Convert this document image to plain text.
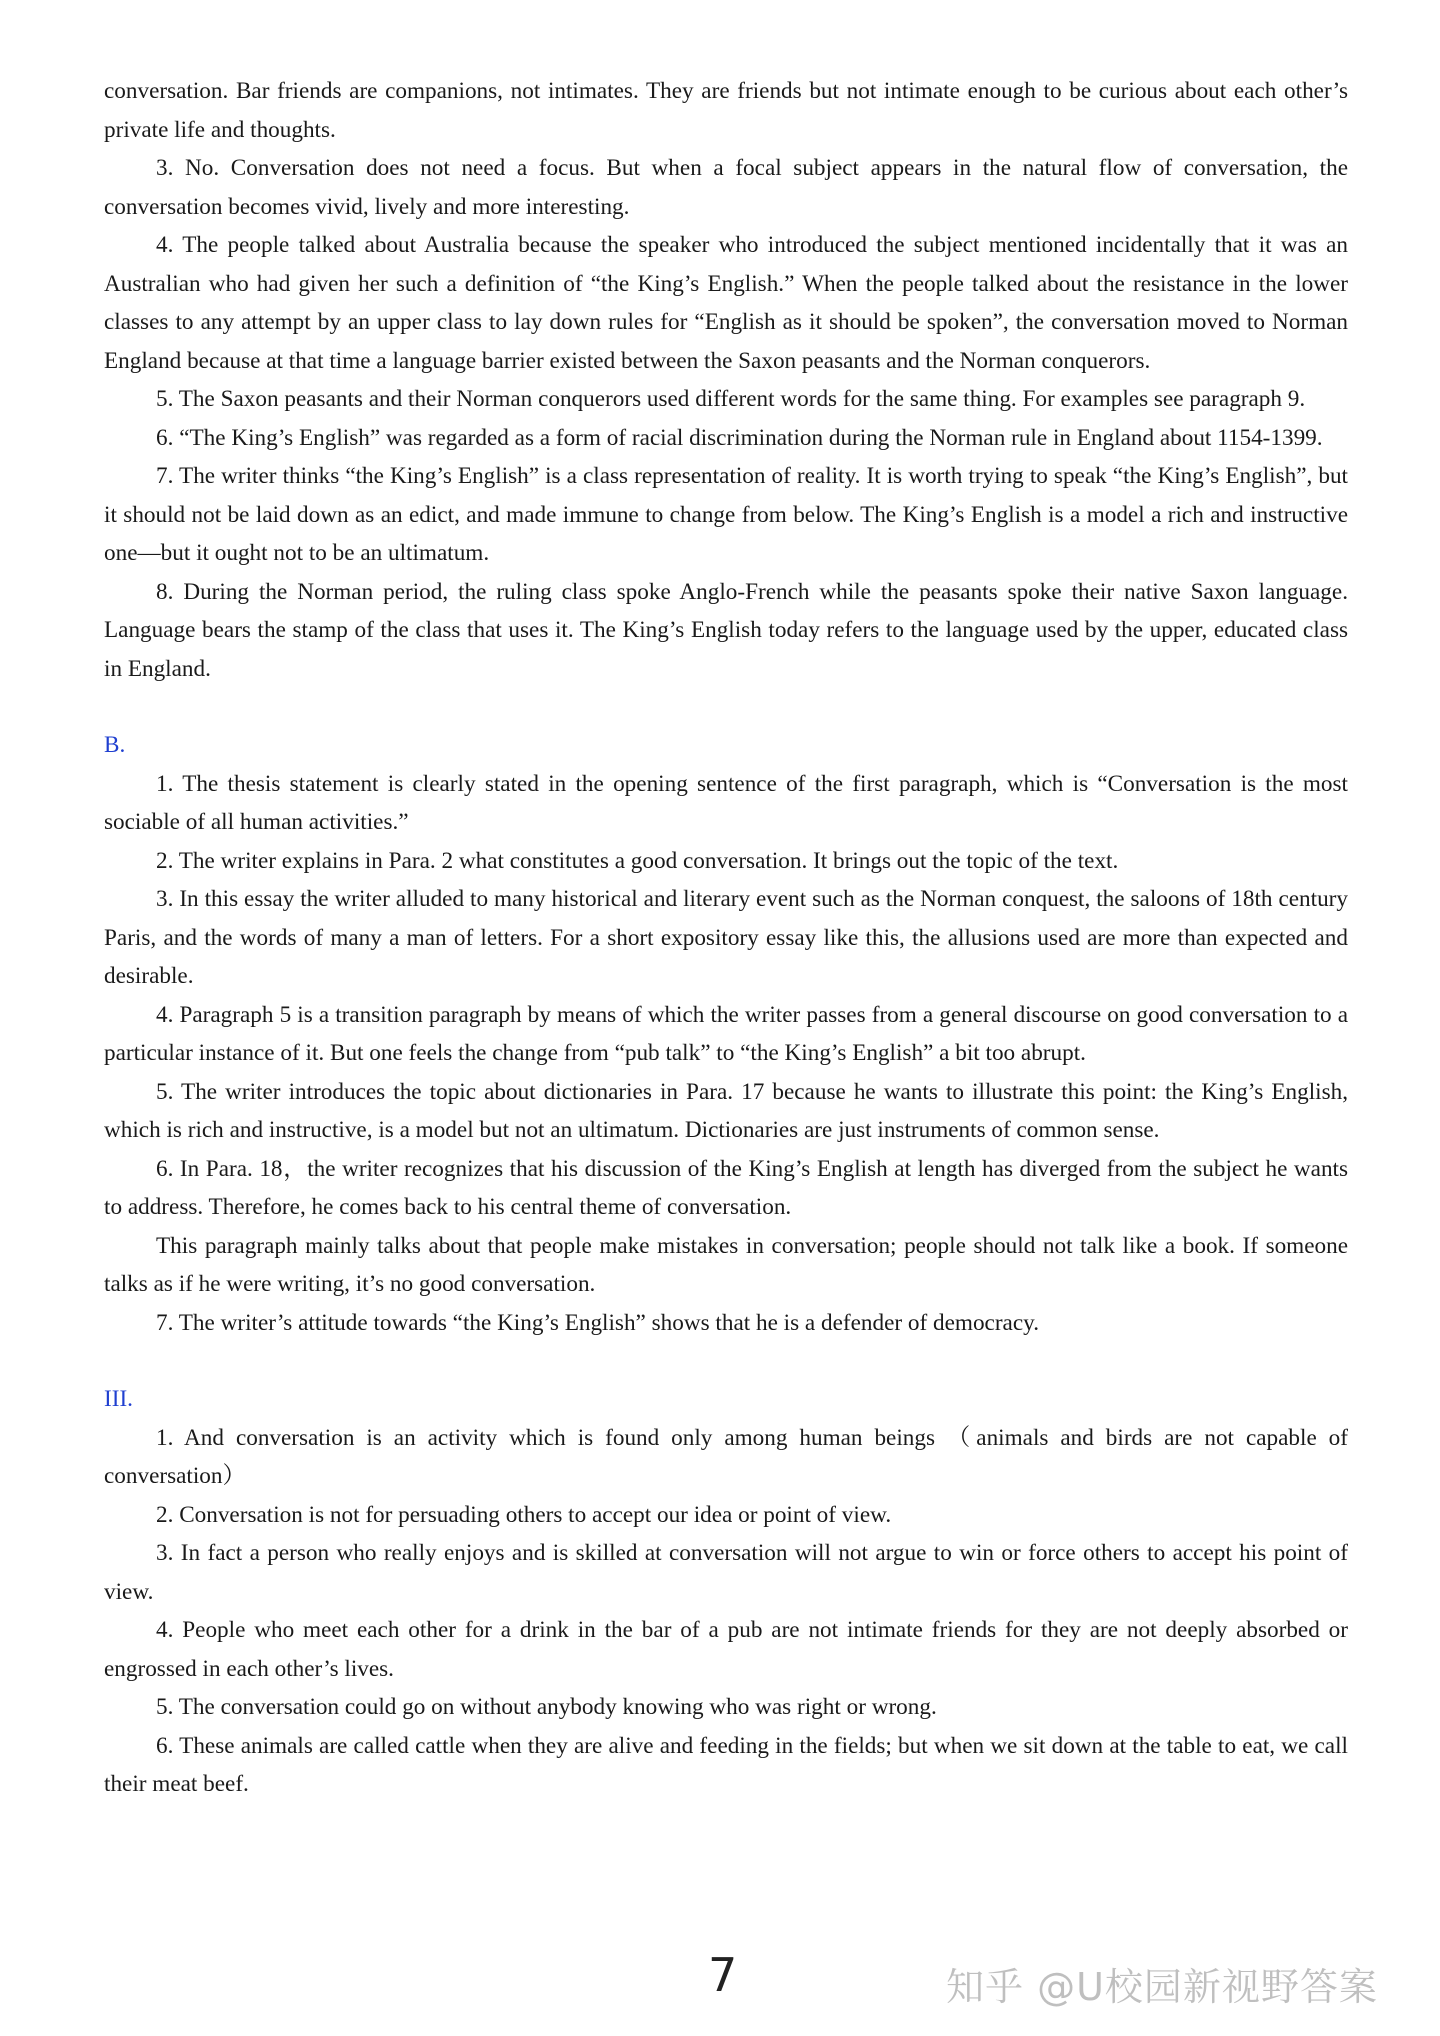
conversation. Bar friends are companions, not intimates. They are friends but not intimate enough to be curious about each other’s private life and thoughts.

3. No. Conversation does not need a focus. But when a focal subject appears in the natural flow of conversation, the conversation becomes vivid, lively and more interesting.

4. The people talked about Australia because the speaker who introduced the subject mentioned incidentally that it was an Australian who had given her such a definition of “the King’s English.” When the people talked about the resistance in the lower classes to any attempt by an upper class to lay down rules for “English as it should be spoken”, the conversation moved to Norman England because at that time a language barrier existed between the Saxon peasants and the Norman conquerors.

5. The Saxon peasants and their Norman conquerors used different words for the same thing. For examples see paragraph 9.

6. “The King’s English” was regarded as a form of racial discrimination during the Norman rule in England about 1154-1399.

7. The writer thinks “the King’s English” is a class representation of reality. It is worth trying to speak “the King’s English”, but it should not be laid down as an edict, and made immune to change from below. The King’s English is a model a rich and instructive one—but it ought not to be an ultimatum.

8. During the Norman period, the ruling class spoke Anglo-French while the peasants spoke their native Saxon language. Language bears the stamp of the class that uses it. The King’s English today refers to the language used by the upper, educated class in England.

B.

1. The thesis statement is clearly stated in the opening sentence of the first paragraph, which is “Conversation is the most sociable of all human activities.”

2. The writer explains in Para. 2 what constitutes a good conversation. It brings out the topic of the text.

3. In this essay the writer alluded to many historical and literary event such as the Norman conquest, the saloons of 18th century Paris, and the words of many a man of letters. For a short expository essay like this, the allusions used are more than expected and desirable.

4. Paragraph 5 is a transition paragraph by means of which the writer passes from a general discourse on good conversation to a particular instance of it. But one feels the change from “pub talk” to “the King’s English” a bit too abrupt.

5. The writer introduces the topic about dictionaries in Para. 17 because he wants to illustrate this point: the King’s English, which is rich and instructive, is a model but not an ultimatum. Dictionaries are just instruments of common sense.

6. In Para. 18，the writer recognizes that his discussion of the King’s English at length has diverged from the subject he wants to address. Therefore, he comes back to his central theme of conversation.

This paragraph mainly talks about that people make mistakes in conversation; people should not talk like a book. If someone talks as if he were writing, it’s no good conversation.

7. The writer’s attitude towards “the King’s English” shows that he is a defender of democracy.

III.

1. And conversation is an activity which is found only among human beings （animals and birds are not capable of conversation）

2. Conversation is not for persuading others to accept our idea or point of view.

3. In fact a person who really enjoys and is skilled at conversation will not argue to win or force others to accept his point of view.

4. People who meet each other for a drink in the bar of a pub are not intimate friends for they are not deeply absorbed or engrossed in each other’s lives.

5. The conversation could go on without anybody knowing who was right or wrong.

6. These animals are called cattle when they are alive and feeding in the fields; but when we sit down at the table to eat, we call their meat beef.

7	知乎 @U校园新视野答案
